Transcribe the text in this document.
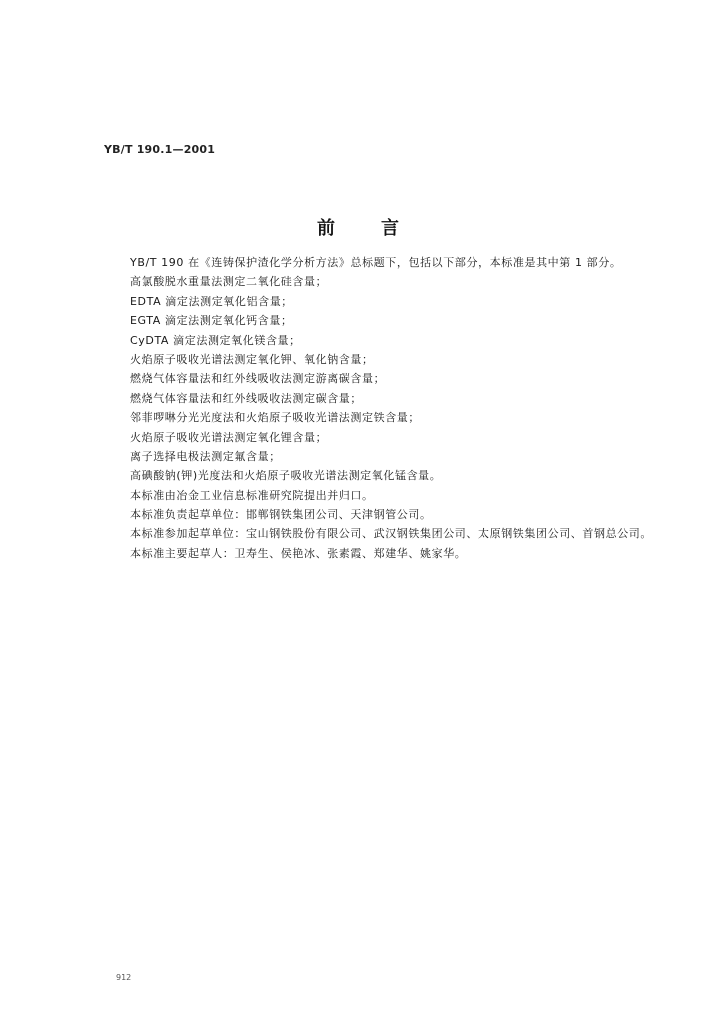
YB/T 190.1—2001
前言
YB/T 190 在《连铸保护渣化学分析方法》总标题下，包括以下部分，本标准是其中第 1 部分。
高氯酸脱水重量法测定二氧化硅含量；
EDTA 滴定法测定氧化铝含量；
EGTA 滴定法测定氧化钙含量；
CyDTA 滴定法测定氧化镁含量；
火焰原子吸收光谱法测定氧化钾、氧化钠含量；
燃烧气体容量法和红外线吸收法测定游离碳含量；
燃烧气体容量法和红外线吸收法测定碳含量；
邻菲啰啉分光光度法和火焰原子吸收光谱法测定铁含量；
火焰原子吸收光谱法测定氧化锂含量；
离子选择电极法测定氟含量；
高碘酸钠(钾)光度法和火焰原子吸收光谱法测定氧化锰含量。
本标准由冶金工业信息标准研究院提出并归口。
本标准负责起草单位：邯郸钢铁集团公司、天津钢管公司。
本标准参加起草单位：宝山钢铁股份有限公司、武汉钢铁集团公司、太原钢铁集团公司、首钢总公司。
本标准主要起草人：卫寿生、侯艳冰、张素霞、郑建华、姚家华。
912
